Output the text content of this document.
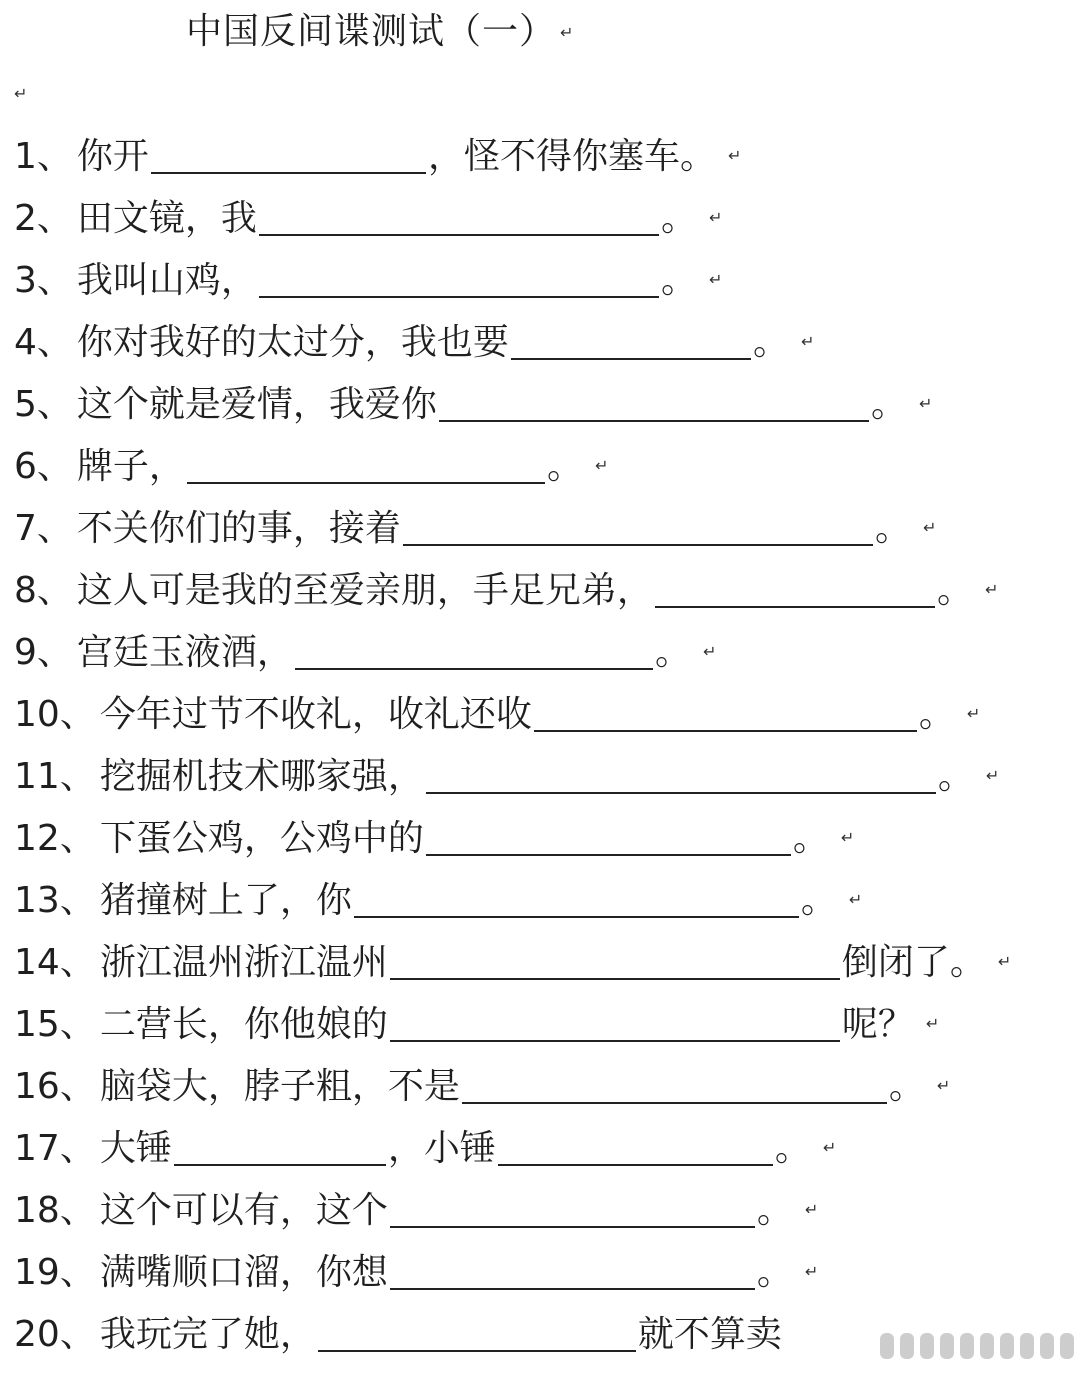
中国反间谍测试（一） ↵
↵
1 、 你开	，怪不得你塞车。 ↵
2 、 田文镜，我	。 ↵
3 、 我叫山鸡，	。 ↵
4 、 你对我好的太过分，我也要	。 ↵
5 、 这个就是爱情，我爱你	。 ↵
6 、 牌子，	。 ↵
7 、 不关你们的事，接着	。 ↵
8 、 这人可是我的至爱亲朋，手足兄弟，	。 ↵
9 、 宫廷玉液酒，	。 ↵
10 、 今年过节不收礼，收礼还收	。 ↵
11 、 挖掘机技术哪家强，	。 ↵
12 、 下蛋公鸡，公鸡中的	。 ↵
13 、 猪撞树上了，你	。 ↵
14 、 浙江温州浙江温州	倒闭了。 ↵
15 、 二营长，你他娘的	呢？ ↵
16 、 脑袋大，脖子粗，不是	。 ↵
17 、 大锤	，小锤	。 ↵
18 、 这个可以有，这个	。 ↵
19 、 满嘴顺口溜，你想	。 ↵
20 、 我玩完了她，	就不算卖
